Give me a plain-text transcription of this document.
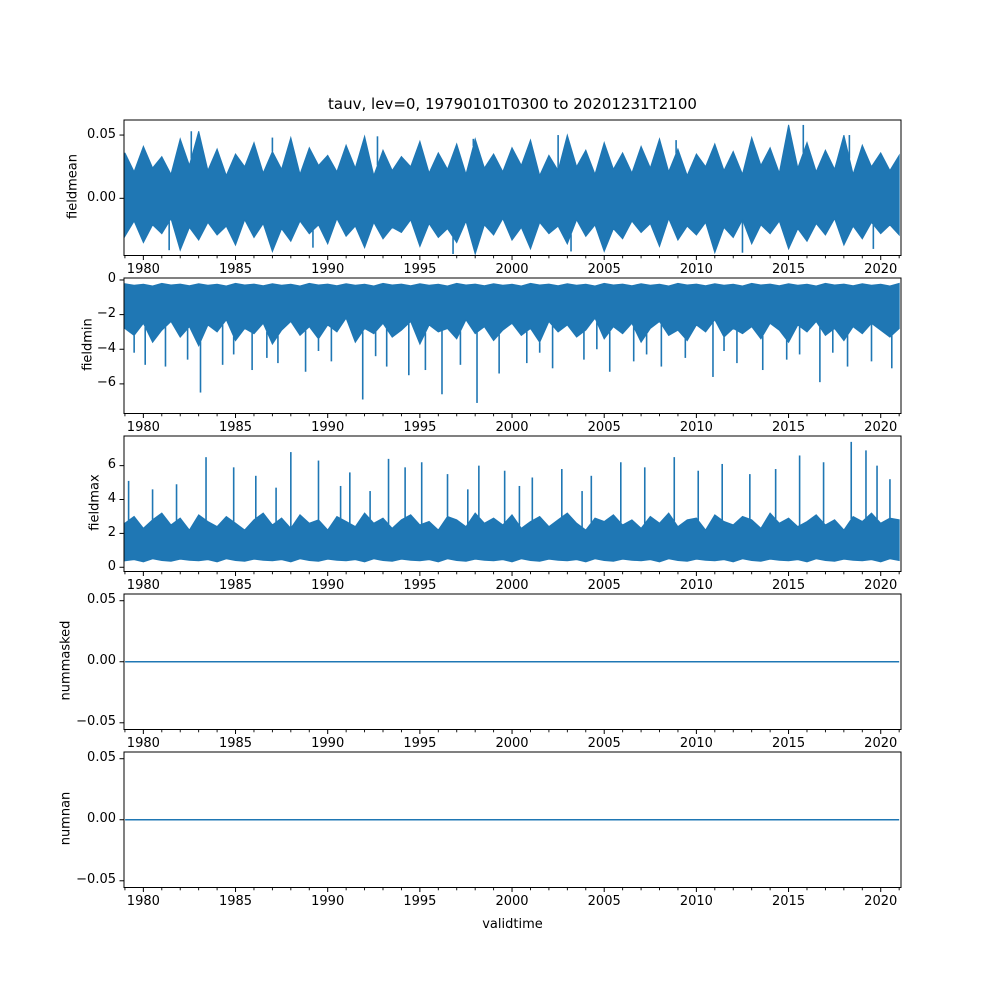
tauv, lev=0, 19790101T0300 to 20201231T2100
fieldmean
fieldmin
fieldmax
nummasked
numnan
validtime
0.05
0.00
1980	1985	1990	1995	2000	2005	2010	2015	2020
0
−2
−4
−6
1980	1985	1990	1995	2000	2005	2010	2015	2020
0
2
4
6
1980	1985	1990	1995	2000	2005	2010	2015	2020
0.05
0.00
−0.05
1980	1985	1990	1995	2000	2005	2010	2015	2020
0.05
0.00
−0.05
1980	1985	1990	1995	2000	2005	2010	2015	2020
